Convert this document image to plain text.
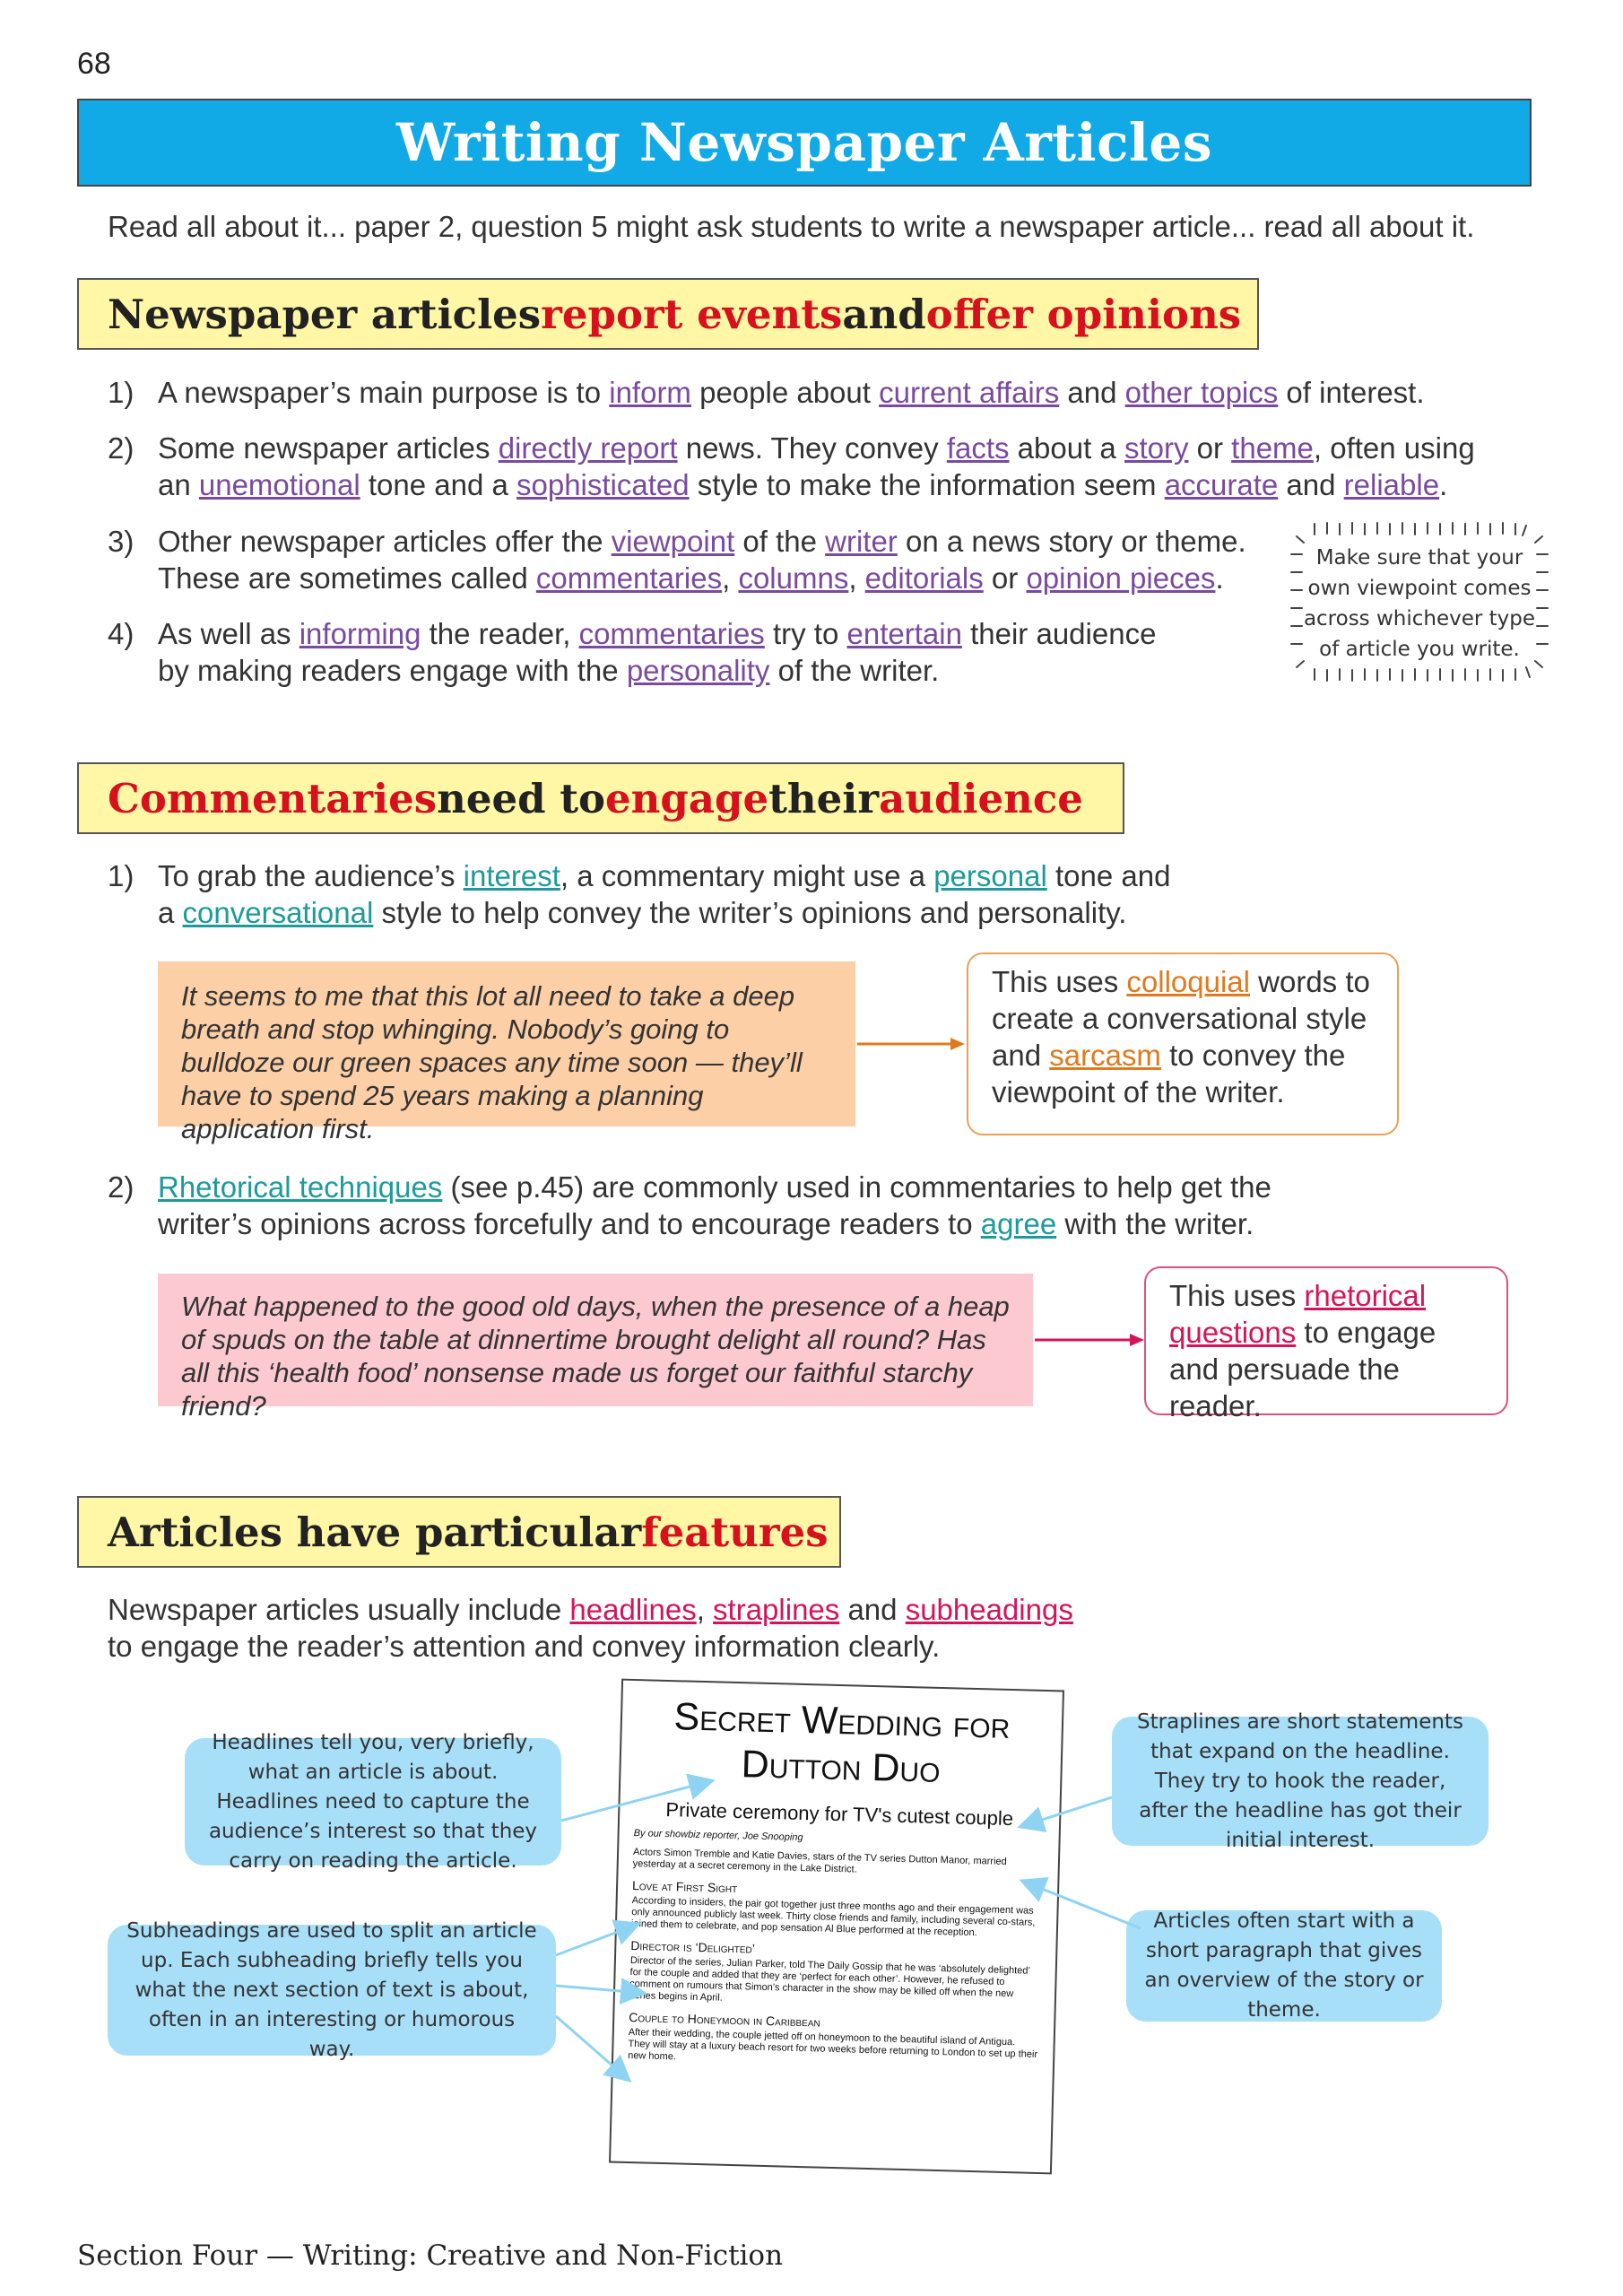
68
Writing Newspaper Articles
Read all about it... paper 2, question 5 might ask students to write a newspaper article... read all about it.
Newspaper articles report events and offer opinions
1) A newspaper’s main purpose is to inform people about current affairs and other topics of interest.
2) Some newspaper articles directly report news. They convey facts about a story or theme, often using
an unemotional tone and a sophisticated style to make the information seem accurate and reliable.
3) Other newspaper articles offer the viewpoint of the writer on a news story or theme.
These are sometimes called commentaries, columns, editorials or opinion pieces.
4) As well as informing the reader, commentaries try to entertain their audience
by making readers engage with the personality of the writer.
Make sure that your own viewpoint comes across whichever type of article you write.
Commentaries need to engage their audience
1) To grab the audience’s interest, a commentary might use a personal tone and
a conversational style to help convey the writer’s opinions and personality.
It seems to me that this lot all need to take a deep breath and stop whinging. Nobody’s going to bulldoze our green spaces any time soon — they’ll have to spend 25 years making a planning application first.
This uses colloquial words to create a conversational style and sarcasm to convey the viewpoint of the writer.
2) Rhetorical techniques (see p.45) are commonly used in commentaries to help get the
writer’s opinions across forcefully and to encourage readers to agree with the writer.
What happened to the good old days, when the presence of a heap of spuds on the table at dinnertime brought delight all round? Has all this ‘health food’ nonsense made us forget our faithful starchy friend?
This uses rhetorical questions to engage and persuade the reader.
Articles have particular features
Newspaper articles usually include headlines, straplines and subheadings
to engage the reader’s attention and convey information clearly.
Headlines tell you, very briefly, what an article is about. Headlines need to capture the audience’s interest so that they carry on reading the article.
Subheadings are used to split an article up. Each subheading briefly tells you what the next section of text is about, often in an interesting or humorous way.
Straplines are short statements that expand on the headline. They try to hook the reader, after the headline has got their initial interest.
Articles often start with a short paragraph that gives an overview of the story or theme.
Secret Wedding for Dutton Duo
Private ceremony for TV's cutest couple
By our showbiz reporter, Joe Snooping
Actors Simon Tremble and Katie Davies, stars of the TV series Dutton Manor, married yesterday at a secret ceremony in the Lake District.
Love at First Sight
According to insiders, the pair got together just three months ago and their engagement was only announced publicly last week. Thirty close friends and family, including several co-stars, joined them to celebrate, and pop sensation Al Blue performed at the reception.
Director is ‘Delighted’
Director of the series, Julian Parker, told The Daily Gossip that he was ‘absolutely delighted’ for the couple and added that they are ‘perfect for each other’. However, he refused to comment on rumours that Simon’s character in the show may be killed off when the new series begins in April.
Couple to Honeymoon in Caribbean
After their wedding, the couple jetted off on honeymoon to the beautiful island of Antigua. They will stay at a luxury beach resort for two weeks before returning to London to set up their new home.
Section Four — Writing: Creative and Non-Fiction
